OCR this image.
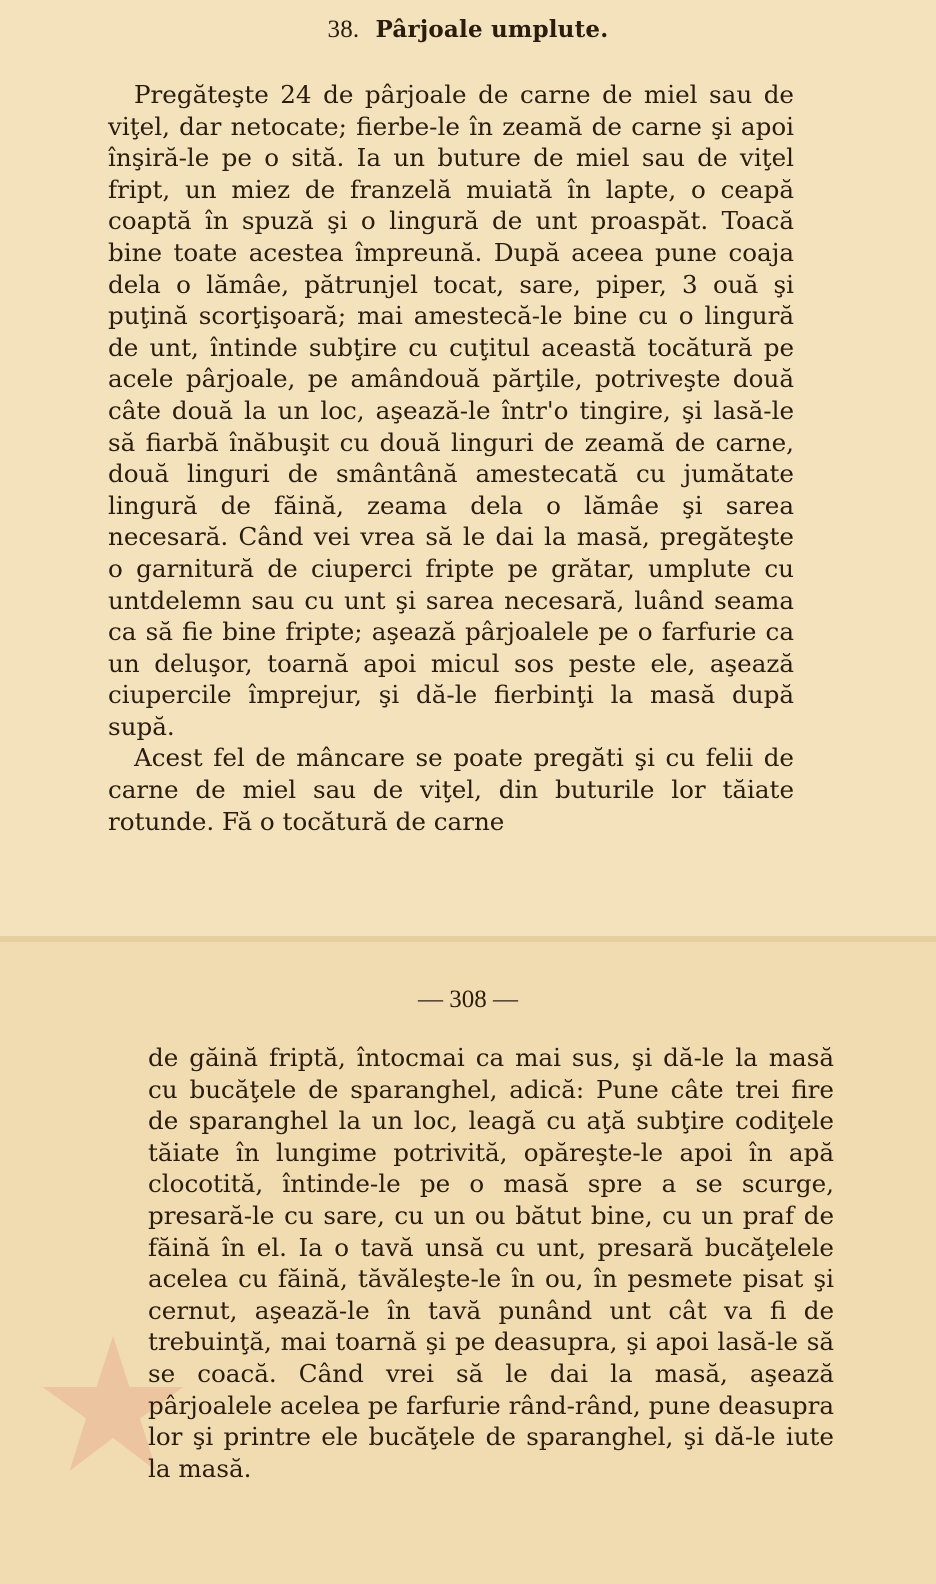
38. Pârjoale umplute.

Pregăteşte 24 de pârjoale de carne de miel sau de viţel, dar netocate; fierbe-le în zeamă de carne şi apoi înşiră-le pe o sită. Ia un buture de miel sau de viţel fript, un miez de franzelă muiată în lapte, o ceapă coaptă în spuză şi o lingură de unt proaspăt. Toacă bine toate acestea împreună. După aceea pune coaja dela o lămâe, pătrunjel tocat, sare, piper, 3 ouă şi puţină scorţişoară; mai amestecă-le bine cu o lingură de unt, întinde subţire cu cuţitul această tocătură pe acele pârjoale, pe amândouă părţile, potriveşte două câte două la un loc, aşează-le într'o tingire, şi lasă-le să fiarbă înăbuşit cu două linguri de zeamă de carne, două linguri de smântână amestecată cu jumătate lingură de făină, zeama dela o lămâe şi sarea necesară. Când vei vrea să le dai la masă, pregăteşte o garnitură de ciuperci fripte pe grătar, umplute cu untdelemn sau cu unt şi sarea necesară, luând seama ca să fie bine fripte; aşează pârjoalele pe o farfurie ca un deluşor, toarnă apoi micul sos peste ele, aşează ciupercile împrejur, şi dă-le fierbinţi la masă după supă.

Acest fel de mâncare se poate pregăti şi cu felii de carne de miel sau de viţel, din buturile lor tăiate rotunde. Fă o tocătură de carne

— 308 —

de găină friptă, întocmai ca mai sus, şi dă-le la masă cu bucăţele de sparanghel, adică: Pune câte trei fire de sparanghel la un loc, leagă cu aţă subţire codiţele tăiate în lungime potrivită, opăreşte-le apoi în apă clocotită, întinde-le pe o masă spre a se scurge, presară-le cu sare, cu un ou bătut bine, cu un praf de făină în el. Ia o tavă unsă cu unt, presară bucăţelele acelea cu făină, tăvăleşte-le în ou, în pesmete pisat şi cernut, aşează-le în tavă punând unt cât va fi de trebuinţă, mai toarnă şi pe deasupra, şi apoi lasă-le să se coacă. Când vrei să le dai la masă, aşează pârjoalele acelea pe farfurie rând-rând, pune deasupra lor şi printre ele bucăţele de sparanghel, şi dă-le iute la masă.
